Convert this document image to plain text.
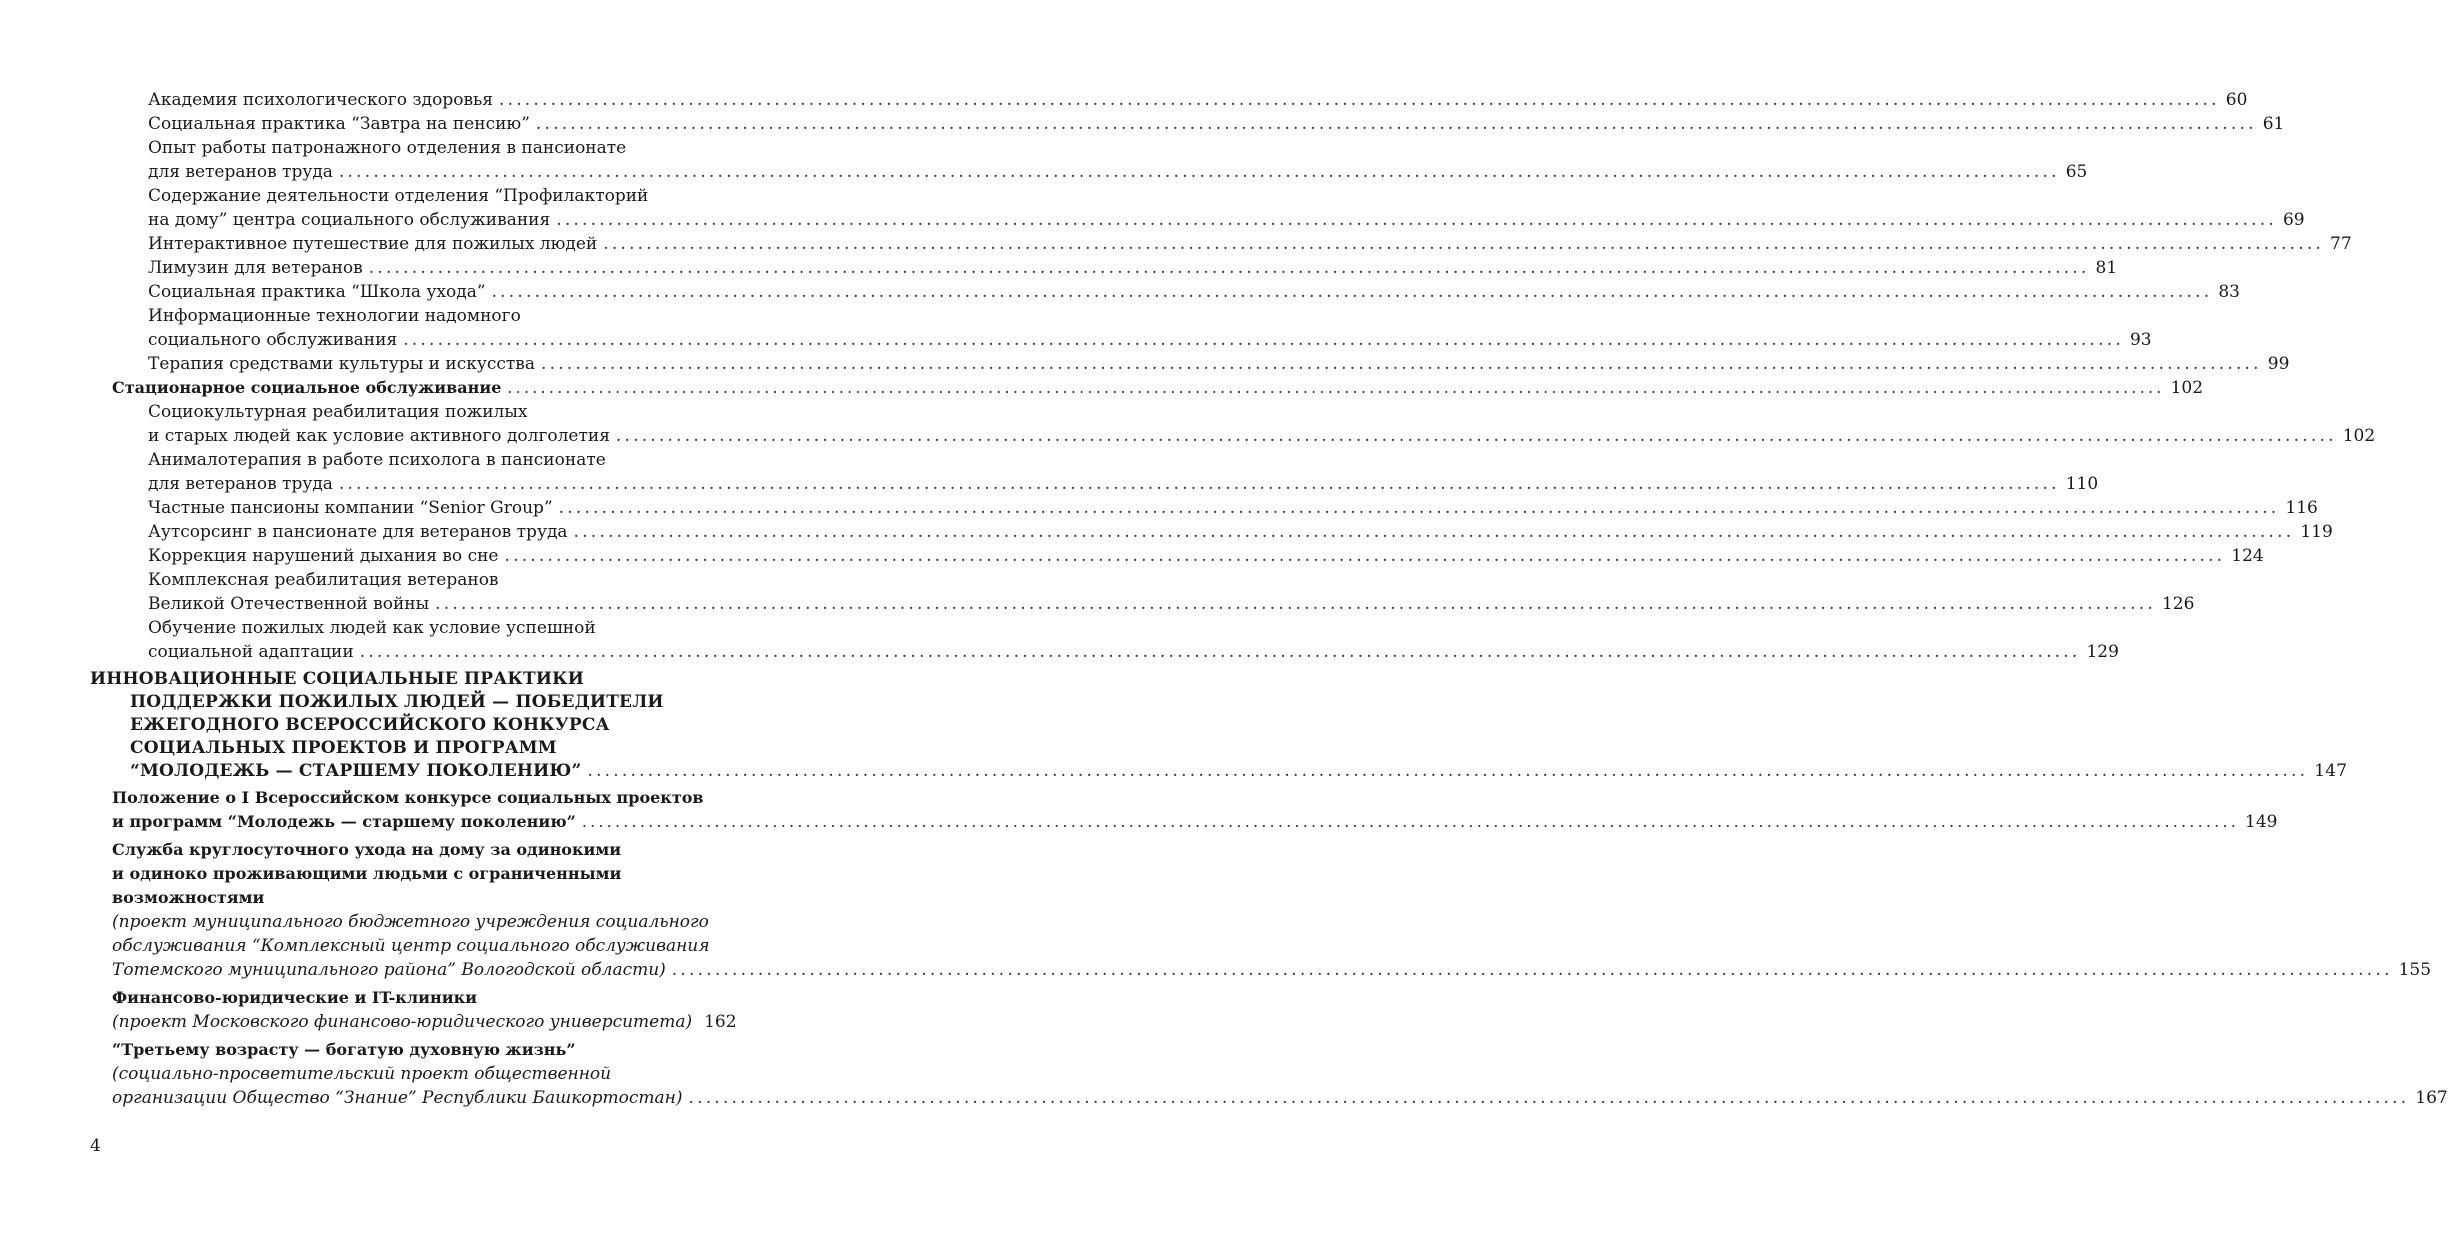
Академия психологического здоровья ........................................................................................................................................................................................................ 60
Социальная практика “Завтра на пенсию” ........................................................................................................................................................................................................ 61
Опыт работы патронажного отделения в пансионате
для ветеранов труда ........................................................................................................................................................................................................ 65
Содержание деятельности отделения “Профилакторий
на дому” центра социального обслуживания ........................................................................................................................................................................................................ 69
Интерактивное путешествие для пожилых людей ........................................................................................................................................................................................................ 77
Лимузин для ветеранов ........................................................................................................................................................................................................ 81
Социальная практика “Школа ухода” ........................................................................................................................................................................................................ 83
Информационные технологии надомного
социального обслуживания ........................................................................................................................................................................................................ 93
Терапия средствами культуры и искусства ........................................................................................................................................................................................................ 99
Стационарное социальное обслуживание ........................................................................................................................................................................................................ 102
Социокультурная реабилитация пожилых
и старых людей как условие активного долголетия ........................................................................................................................................................................................................ 102
Анималотерапия в работе психолога в пансионате
для ветеранов труда ........................................................................................................................................................................................................ 110
Частные пансионы компании “Senior Group” ........................................................................................................................................................................................................ 116
Аутсорсинг в пансионате для ветеранов труда ........................................................................................................................................................................................................ 119
Коррекция нарушений дыхания во сне ........................................................................................................................................................................................................ 124
Комплексная реабилитация ветеранов
Великой Отечественной войны ........................................................................................................................................................................................................ 126
Обучение пожилых людей как условие успешной
социальной адаптации ........................................................................................................................................................................................................ 129
ИННОВАЦИОННЫЕ СОЦИАЛЬНЫЕ ПРАКТИКИ
ПОДДЕРЖКИ ПОЖИЛЫХ ЛЮДЕЙ — ПОБЕДИТЕЛИ
ЕЖЕГОДНОГО ВСЕРОССИЙСКОГО КОНКУРСА
СОЦИАЛЬНЫХ ПРОЕКТОВ И ПРОГРАММ
“МОЛОДЕЖЬ — СТАРШЕМУ ПОКОЛЕНИЮ” ........................................................................................................................................................................................................ 147
Положение о I Всероссийском конкурсе социальных проектов
и программ “Молодежь — старшему поколению” ........................................................................................................................................................................................................ 149
Служба круглосуточного ухода на дому за одинокими
и одиноко проживающими людьми с ограниченными
возможностями
(проект муниципального бюджетного учреждения социального
обслуживания “Комплексный центр социального обслуживания
Тотемского муниципального района” Вологодской области) ........................................................................................................................................................................................................ 155
Финансово-юридические и IT-клиники
(проект Московского финансово-юридического университета) 162
“Третьему возрасту — богатую духовную жизнь”
(социально-просветительский проект общественной
организации Общество “Знание” Республики Башкортостан) ........................................................................................................................................................................................................ 167
4
